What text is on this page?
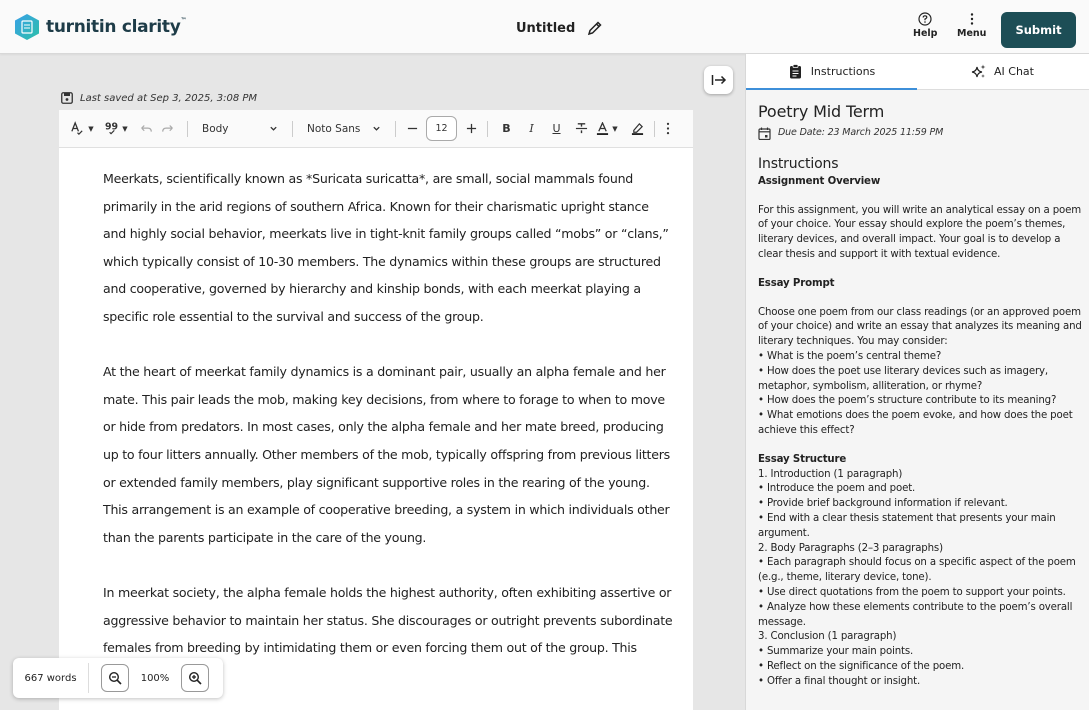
turnitin clarity™	Untitled	Help Menu	Submit
Last saved at Sep 3, 2025, 3:08 PM
▼ 99 ▼	Body	Noto Sans	12	B I U	▼

Meerkats, scientifically known as *Suricata suricatta*, are small, social mammals found primarily in the arid regions of southern Africa. Known for their charismatic upright stance and highly social behavior, meerkats live in tight-knit family groups called “mobs” or “clans,” which typically consist of 10-30 members. The dynamics within these groups are structured and cooperative, governed by hierarchy and kinship bonds, with each meerkat playing a specific role essential to the survival and success of the group.

At the heart of meerkat family dynamics is a dominant pair, usually an alpha female and her mate. This pair leads the mob, making key decisions, from where to forage to when to move or hide from predators. In most cases, only the alpha female and her mate breed, producing up to four litters annually. Other members of the mob, typically offspring from previous litters or extended family members, play significant supportive roles in the rearing of the young. This arrangement is an example of cooperative breeding, a system in which individuals other than the parents participate in the care of the young.

In meerkat society, the alpha female holds the highest authority, often exhibiting assertive or aggressive behavior to maintain her status. She discourages or outright prevents subordinate females from breeding by intimidating them or even forcing them out of the group. This

667 words	100%
Instructions	AI Chat
Poetry Mid Term
Due Date: 23 March 2025 11:59 PM
Instructions
Assignment Overview
For this assignment, you will write an analytical essay on a poem of your choice. Your essay should explore the poem’s themes, literary devices, and overall impact. Your goal is to develop a clear thesis and support it with textual evidence.
Essay Prompt
Choose one poem from our class readings (or an approved poem of your choice) and write an essay that analyzes its meaning and literary techniques. You may consider:
• What is the poem’s central theme?
• How does the poet use literary devices such as imagery, metaphor, symbolism, alliteration, or rhyme?
• How does the poem’s structure contribute to its meaning?
• What emotions does the poem evoke, and how does the poet achieve this effect?
Essay Structure
1. Introduction (1 paragraph)
• Introduce the poem and poet.
• Provide brief background information if relevant.
• End with a clear thesis statement that presents your main argument.
2. Body Paragraphs (2–3 paragraphs)
• Each paragraph should focus on a specific aspect of the poem (e.g., theme, literary device, tone).
• Use direct quotations from the poem to support your points.
• Analyze how these elements contribute to the poem’s overall message.
3. Conclusion (1 paragraph)
• Summarize your main points.
• Reflect on the significance of the poem.
• Offer a final thought or insight.
